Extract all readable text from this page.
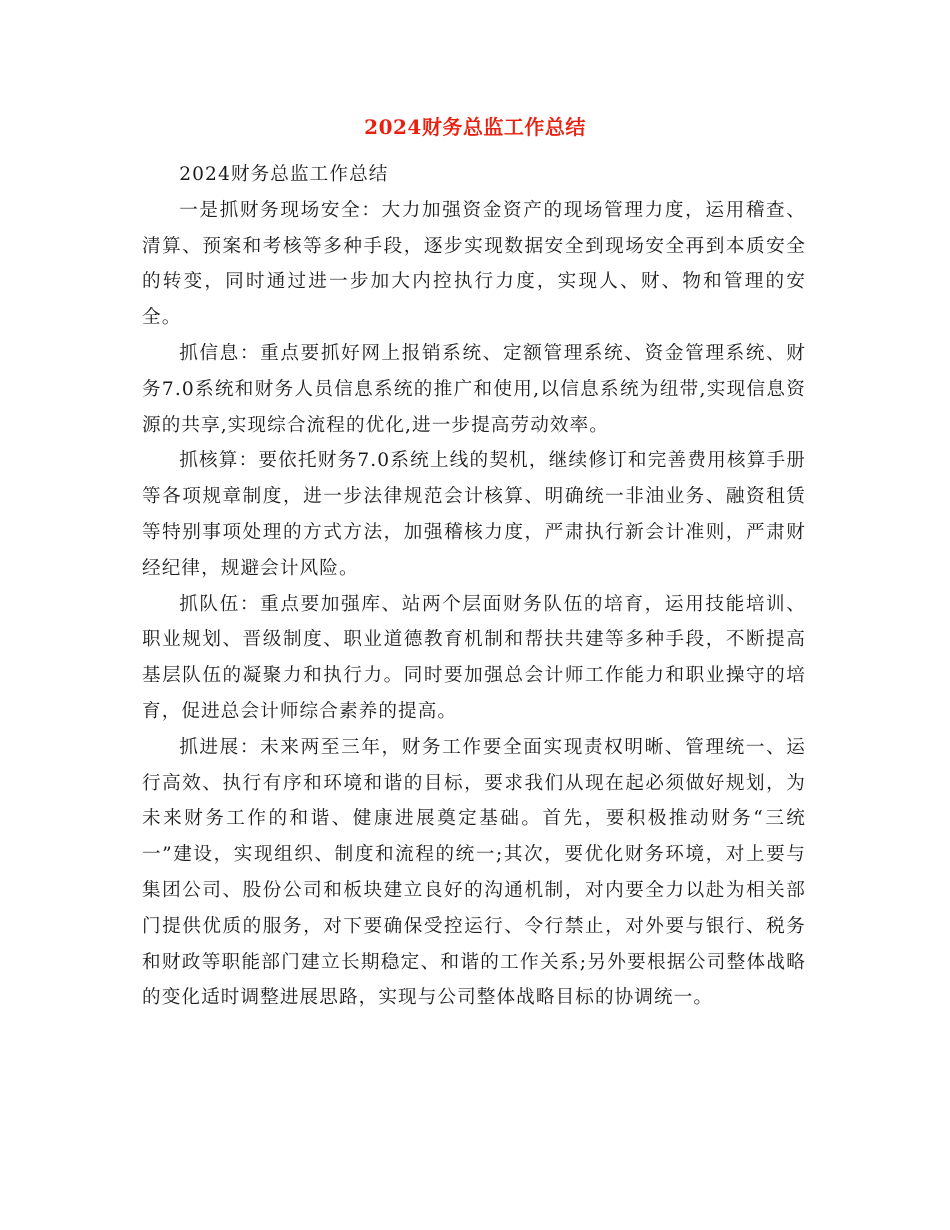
2024财务总监工作总结

2024财务总监工作总结

一是抓财务现场安全：大力加强资金资产的现场管理力度，运用稽查、清算、预案和考核等多种手段，逐步实现数据安全到现场安全再到本质安全的转变，同时通过进一步加大内控执行力度，实现人、财、物和管理的安全。

抓信息：重点要抓好网上报销系统、定额管理系统、资金管理系统、财务7.0系统和财务人员信息系统的推广和使用,以信息系统为纽带,实现信息资源的共享,实现综合流程的优化,进一步提高劳动效率。

抓核算：要依托财务7.0系统上线的契机，继续修订和完善费用核算手册等各项规章制度，进一步法律规范会计核算、明确统一非油业务、融资租赁等特别事项处理的方式方法，加强稽核力度，严肃执行新会计准则，严肃财经纪律，规避会计风险。

抓队伍：重点要加强库、站两个层面财务队伍的培育，运用技能培训、职业规划、晋级制度、职业道德教育机制和帮扶共建等多种手段，不断提高基层队伍的凝聚力和执行力。同时要加强总会计师工作能力和职业操守的培育，促进总会计师综合素养的提高。

抓进展：未来两至三年，财务工作要全面实现责权明晰、管理统一、运行高效、执行有序和环境和谐的目标，要求我们从现在起必须做好规划，为未来财务工作的和谐、健康进展奠定基础。首先，要积极推动财务“三统一”建设，实现组织、制度和流程的统一;其次，要优化财务环境，对上要与集团公司、股份公司和板块建立良好的沟通机制，对内要全力以赴为相关部门提供优质的服务，对下要确保受控运行、令行禁止，对外要与银行、税务和财政等职能部门建立长期稳定、和谐的工作关系;另外要根据公司整体战略的变化适时调整进展思路，实现与公司整体战略目标的协调统一。
